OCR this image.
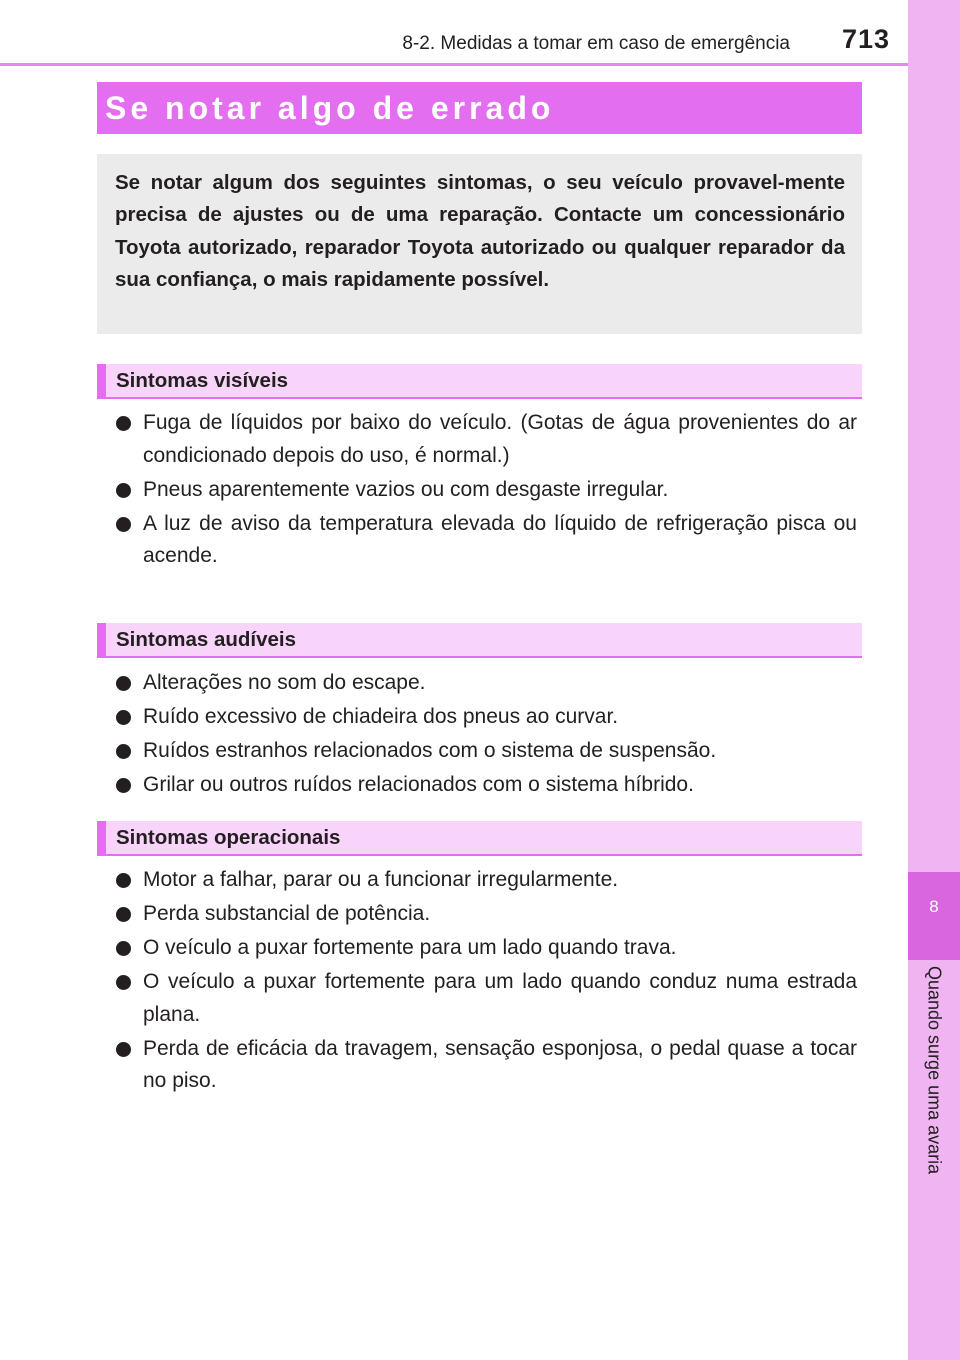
8-2. Medidas a tomar em caso de emergência 713
8
Quando surge uma avaria
Se notar algo de errado
Se notar algum dos seguintes sintomas, o seu veículo provavel-mente precisa de ajustes ou de uma reparação. Contacte um concessionário Toyota autorizado, reparador Toyota autorizado ou qualquer reparador da sua confiança, o mais rapidamente possível.
Sintomas visíveis
Fuga de líquidos por baixo do veículo. (Gotas de água provenientes do ar condicionado depois do uso, é normal.)
Pneus aparentemente vazios ou com desgaste irregular.
A luz de aviso da temperatura elevada do líquido de refrigeração pisca ou acende.
Sintomas audíveis
Alterações no som do escape.
Ruído excessivo de chiadeira dos pneus ao curvar.
Ruídos estranhos relacionados com o sistema de suspensão.
Grilar ou outros ruídos relacionados com o sistema híbrido.
Sintomas operacionais
Motor a falhar, parar ou a funcionar irregularmente.
Perda substancial de potência.
O veículo a puxar fortemente para um lado quando trava.
O veículo a puxar fortemente para um lado quando conduz numa estrada plana.
Perda de eficácia da travagem, sensação esponjosa, o pedal quase a tocar no piso.
